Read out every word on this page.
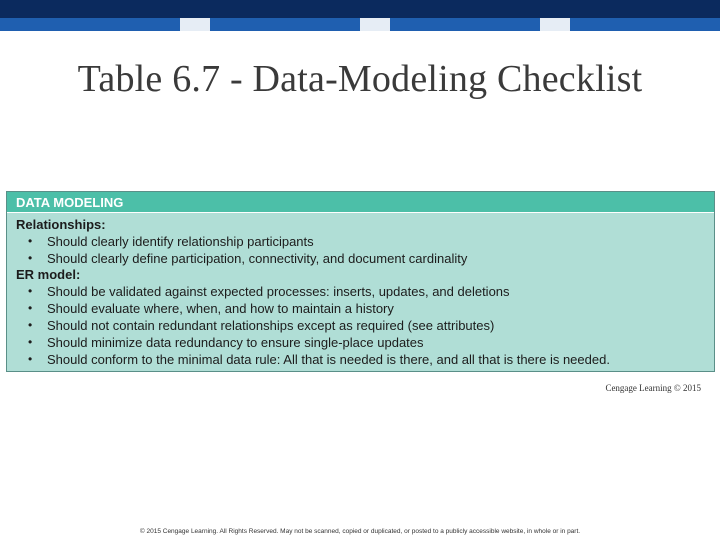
Table 6.7 - Data-Modeling Checklist
DATA MODELING
Relationships:
• Should clearly identify relationship participants
• Should clearly define participation, connectivity, and document cardinality
ER model:
• Should be validated against expected processes: inserts, updates, and deletions
• Should evaluate where, when, and how to maintain a history
• Should not contain redundant relationships except as required (see attributes)
• Should minimize data redundancy to ensure single-place updates
• Should conform to the minimal data rule: All that is needed is there, and all that is there is needed.
Cengage Learning © 2015
© 2015 Cengage Learning. All Rights Reserved. May not be scanned, copied or duplicated, or posted to a publicly accessible website, in whole or in part.
